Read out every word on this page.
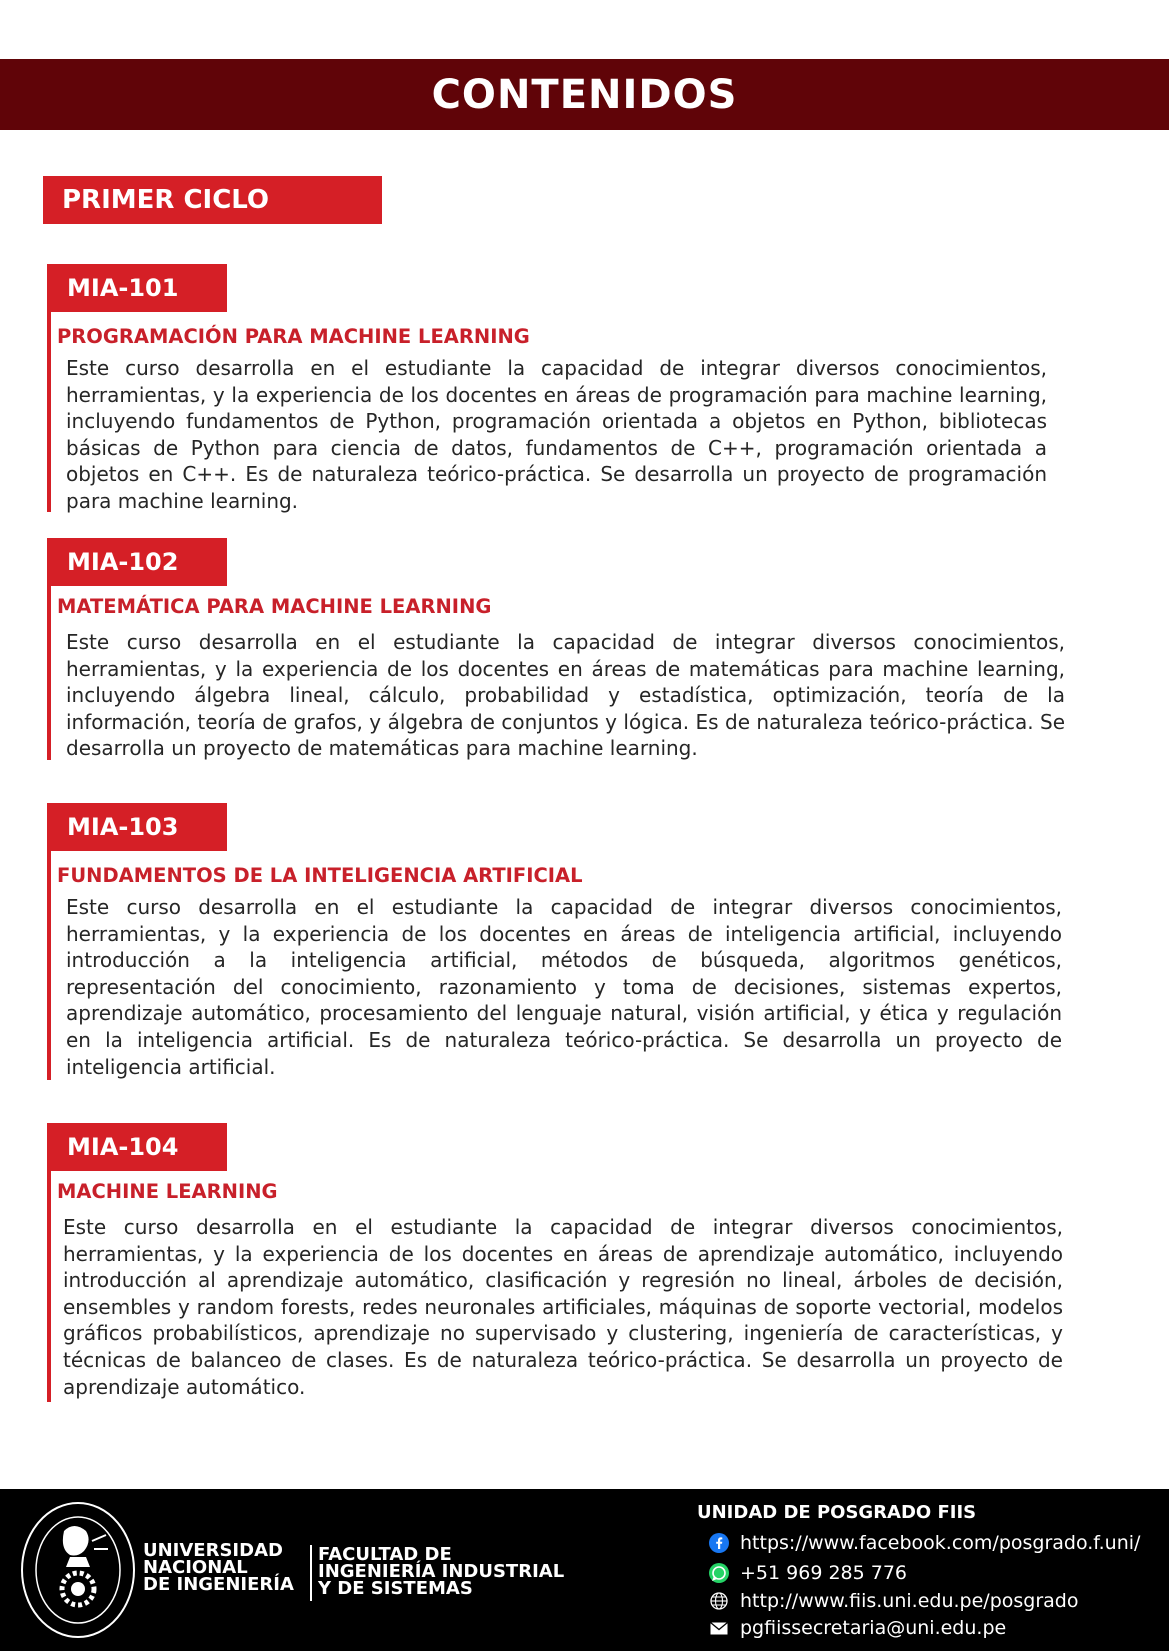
CONTENIDOS
PRIMER CICLO
MIA-101

PROGRAMACIÓN PARA MACHINE LEARNING

Este curso desarrolla en el estudiante la capacidad de integrar diversos conocimientos, herramientas, y la experiencia de los docentes en áreas de programación para machine learning, incluyendo fundamentos de Python, programación orientada a objetos en Python, bibliotecas básicas de Python para ciencia de datos, fundamentos de C++, programación orientada a objetos en C++. Es de naturaleza teórico-práctica. Se desarrolla un proyecto de programación para machine learning.

MIA-102

MATEMÁTICA PARA MACHINE LEARNING

Este curso desarrolla en el estudiante la capacidad de integrar diversos conocimientos, herramientas, y la experiencia de los docentes en áreas de matemáticas para machine learning, incluyendo álgebra lineal, cálculo, probabilidad y estadística, optimización, teoría de la información, teoría de grafos, y álgebra de conjuntos y lógica. Es de naturaleza teórico-práctica. Se desarrolla un proyecto de matemáticas para machine learning.

MIA-103

FUNDAMENTOS DE LA INTELIGENCIA ARTIFICIAL

Este curso desarrolla en el estudiante la capacidad de integrar diversos conocimientos, herramientas, y la experiencia de los docentes en áreas de inteligencia artificial, incluyendo introducción a la inteligencia artificial, métodos de búsqueda, algoritmos genéticos, representación del conocimiento, razonamiento y toma de decisiones, sistemas expertos, aprendizaje automático, procesamiento del lenguaje natural, visión artificial, y ética y regulación en la inteligencia artificial. Es de naturaleza teórico-práctica. Se desarrolla un proyecto de inteligencia artificial.

MIA-104

MACHINE LEARNING

Este curso desarrolla en el estudiante la capacidad de integrar diversos conocimientos, herramientas, y la experiencia de los docentes en áreas de aprendizaje automático, incluyendo introducción al aprendizaje automático, clasificación y regresión no lineal, árboles de decisión, ensembles y random forests, redes neuronales artificiales, máquinas de soporte vectorial, modelos gráficos probabilísticos, aprendizaje no supervisado y clustering, ingeniería de características, y técnicas de balanceo de clases. Es de naturaleza teórico-práctica. Se desarrolla un proyecto de aprendizaje automático.

UNIVERSIDAD
NACIONAL
DE INGENIERÍA
FACULTAD DE
INGENIERÍA INDUSTRIAL
Y DE SISTEMAS
UNIDAD DE POSGRADO FIIS
https://www.facebook.com/posgrado.f.uni/
+51 969 285 776
http://www.fiis.uni.edu.pe/posgrado
pgfiissecretaria@uni.edu.pe
